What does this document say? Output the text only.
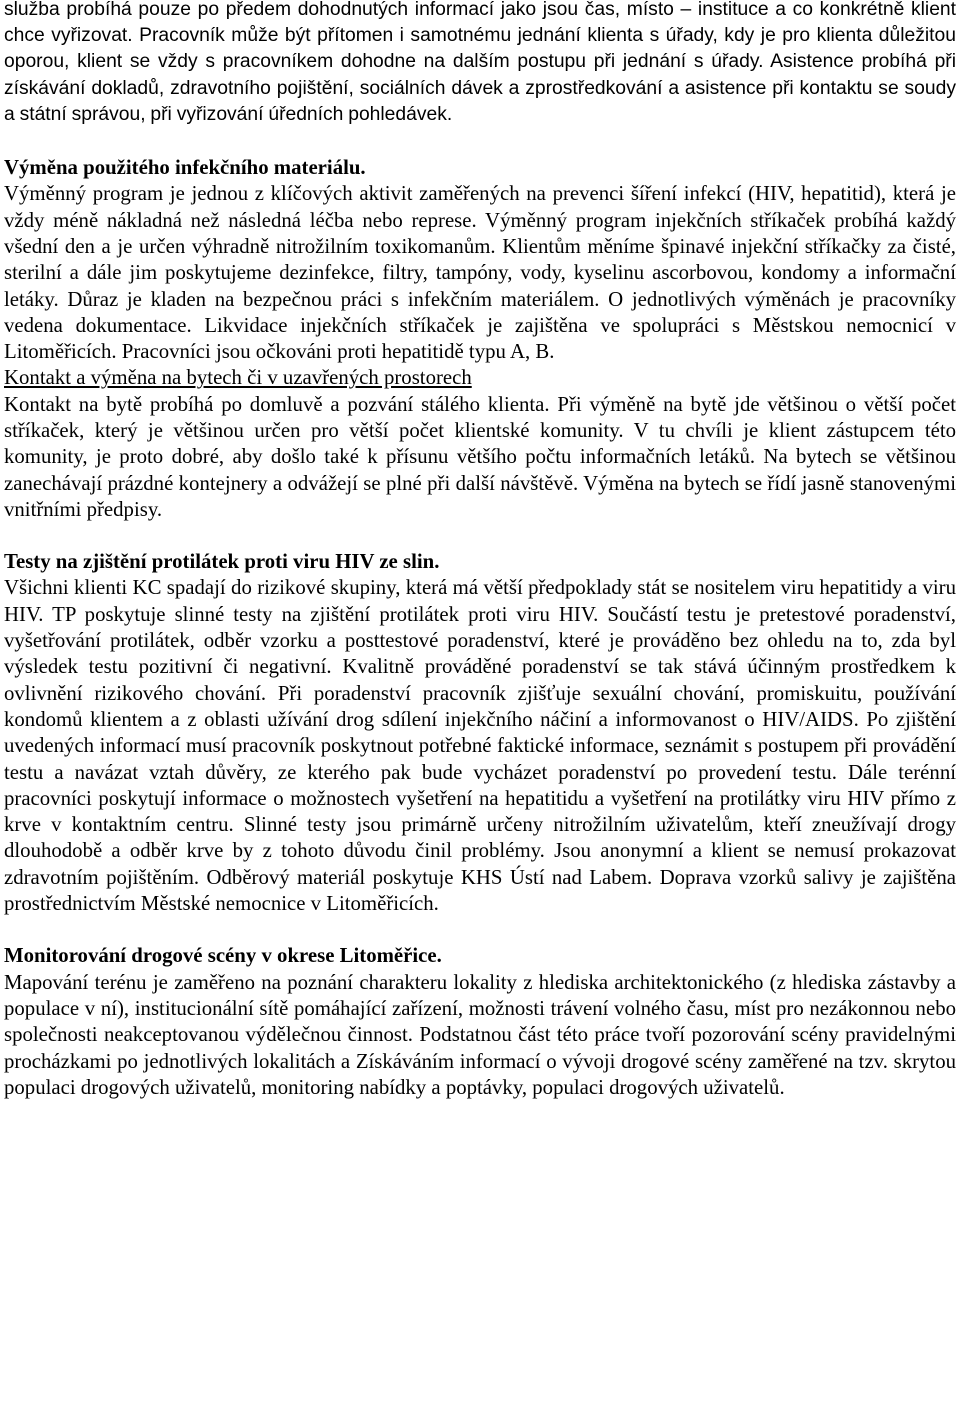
služba probíhá pouze po předem dohodnutých informací jako jsou čas, místo – instituce a co konkrétně klient chce vyřizovat. Pracovník může být přítomen i samotnému jednání klienta s úřady, kdy je pro klienta důležitou oporou, klient se vždy s pracovníkem dohodne na dalším postupu při jednání s úřady. Asistence probíhá při získávání dokladů, zdravotního pojištění, sociálních dávek a zprostředkování a asistence při kontaktu se soudy a státní správou, při vyřizování úředních pohledávek.

Výměna použitého infekčního materiálu.

Výměnný program je jednou z klíčových aktivit zaměřených na prevenci šíření infekcí (HIV, hepatitid), která je vždy méně nákladná než následná léčba nebo represe. Výměnný program injekčních stříkaček probíhá každý všední den a je určen výhradně nitrožilním toxikomanům. Klientům měníme špinavé injekční stříkačky za čisté, sterilní a dále jim poskytujeme dezinfekce, filtry, tampóny, vody, kyselinu ascorbovou, kondomy a informační letáky. Důraz je kladen na bezpečnou práci s infekčním materiálem. O jednotlivých výměnách je pracovníky vedena dokumentace. Likvidace injekčních stříkaček je zajištěna ve spolupráci s Městskou nemocnicí v Litoměřicích. Pracovníci jsou očkováni proti hepatitidě typu A, B.

Kontakt a výměna na bytech či v uzavřených prostorech

Kontakt na bytě probíhá po domluvě a pozvání stálého klienta. Při výměně na bytě jde většinou o větší počet stříkaček, který je většinou určen pro větší počet klientské komunity. V tu chvíli je klient zástupcem této komunity, je proto dobré, aby došlo také k přísunu většího počtu informačních letáků. Na bytech se většinou zanechávají prázdné kontejnery a odvážejí se plné při další návštěvě. Výměna na bytech se řídí jasně stanovenými vnitřními předpisy.

Testy na zjištění protilátek proti viru HIV ze slin.

Všichni klienti KC spadají do rizikové skupiny, která má větší předpoklady stát se nositelem viru hepatitidy a viru HIV. TP poskytuje slinné testy na zjištění protilátek proti viru HIV. Součástí testu je pretestové poradenství, vyšetřování protilátek, odběr vzorku a posttestové poradenství, které je prováděno bez ohledu na to, zda byl výsledek testu pozitivní či negativní. Kvalitně prováděné poradenství se tak stává účinným prostředkem k ovlivnění rizikového chování. Při poradenství pracovník zjišťuje sexuální chování, promiskuitu, používání kondomů klientem a z oblasti užívání drog sdílení injekčního náčiní a informovanost o HIV/AIDS. Po zjištění uvedených informací musí pracovník poskytnout potřebné faktické informace, seznámit s postupem při provádění testu a navázat vztah důvěry, ze kterého pak bude vycházet poradenství po provedení testu. Dále terénní pracovníci poskytují informace o možnostech vyšetření na hepatitidu a vyšetření na protilátky viru HIV přímo z krve v kontaktním centru. Slinné testy jsou primárně určeny nitrožilním uživatelům, kteří zneužívají drogy dlouhodobě a odběr krve by z tohoto důvodu činil problémy. Jsou anonymní a klient se nemusí prokazovat zdravotním pojištěním. Odběrový materiál poskytuje KHS Ústí nad Labem. Doprava vzorků salivy je zajištěna prostřednictvím Městské nemocnice v Litoměřicích.

Monitorování drogové scény v okrese Litoměřice.

Mapování terénu je zaměřeno na poznání charakteru lokality z hlediska architektonického (z hlediska zástavby a populace v ní), institucionální sítě pomáhající zařízení, možnosti trávení volného času, míst pro nezákonnou nebo společnosti neakceptovanou výdělečnou činnost. Podstatnou část této práce tvoří pozorování scény pravidelnými procházkami po jednotlivých lokalitách a Získáváním informací o vývoji drogové scény zaměřené na tzv. skrytou populaci drogových uživatelů, monitoring nabídky a poptávky, populaci drogových uživatelů.
